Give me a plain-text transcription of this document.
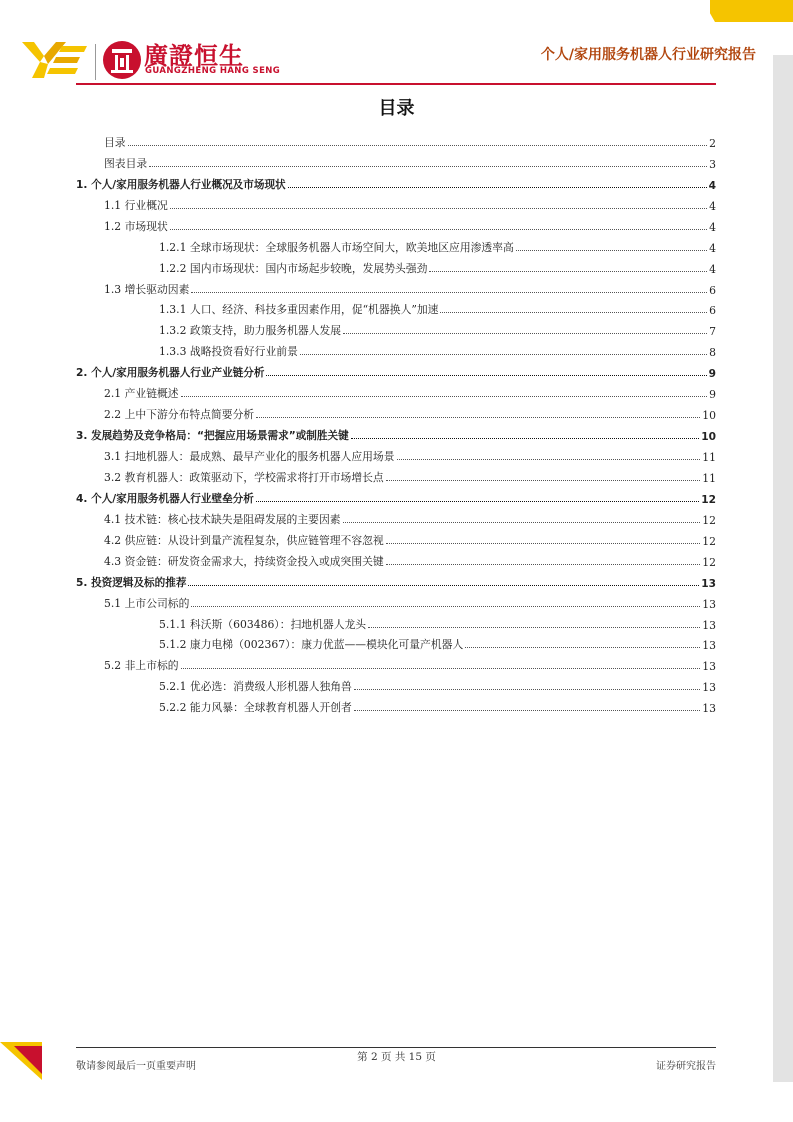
廣證恒生
GUANGZHENG HANG SENG
个人/家用服务机器人行业研究报告
目录
目录	2
图表目录	3
1. 个人/家用服务机器人行业概况及市场现状	4
1.1 行业概况	4
1.2 市场现状	4
1.2.1 全球市场现状：全球服务机器人市场空间大，欧美地区应用渗透率高	4
1.2.2 国内市场现状：国内市场起步较晚，发展势头强劲	4
1.3 增长驱动因素	6
1.3.1 人口、经济、科技多重因素作用，促“机器换人”加速	6
1.3.2 政策支持，助力服务机器人发展	7
1.3.3 战略投资看好行业前景	8
2. 个人/家用服务机器人行业产业链分析	9
2.1 产业链概述	9
2.2 上中下游分布特点简要分析	10
3. 发展趋势及竞争格局：“把握应用场景需求”或制胜关键	10
3.1 扫地机器人：最成熟、最早产业化的服务机器人应用场景	11
3.2 教育机器人：政策驱动下，学校需求将打开市场增长点	11
4. 个人/家用服务机器人行业壁垒分析	12
4.1 技术链：核心技术缺失是阻碍发展的主要因素	12
4.2 供应链：从设计到量产流程复杂，供应链管理不容忽视	12
4.3 资金链：研发资金需求大，持续资金投入或成突围关键	12
5. 投资逻辑及标的推荐	13
5.1 上市公司标的	13
5.1.1 科沃斯（603486）：扫地机器人龙头	13
5.1.2 康力电梯（002367）：康力优蓝——模块化可量产机器人	13
5.2 非上市标的	13
5.2.1 优必选：消费级人形机器人独角兽	13
5.2.2 能力风暴：全球教育机器人开创者	13
敬请参阅最后一页重要声明
第 2 页 共 15 页
证券研究报告
